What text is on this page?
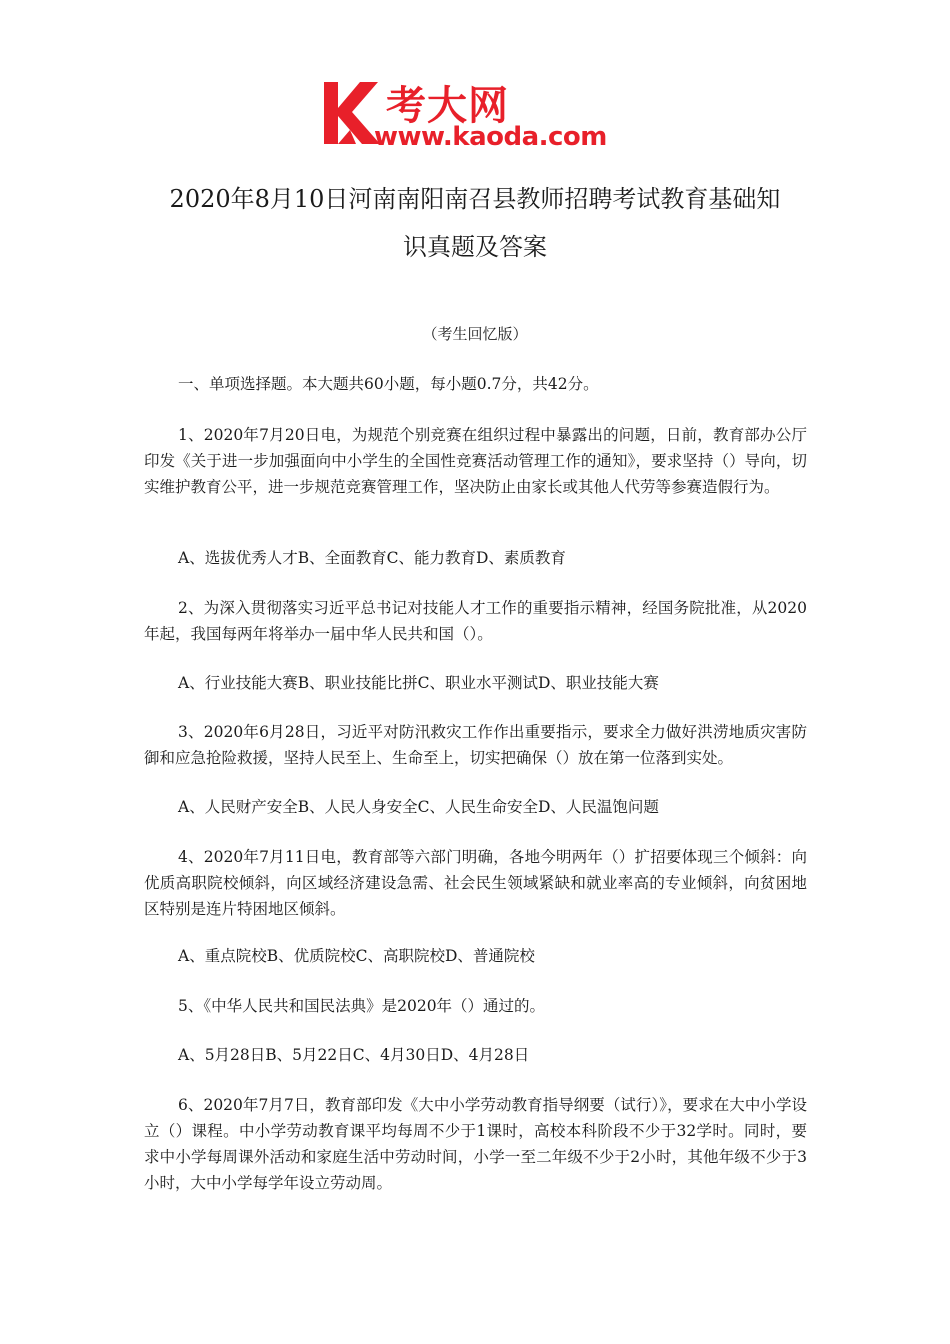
考大网
www.kaoda.com
2020年8月10日河南南阳南召县教师招聘考试教育基础知
识真题及答案
（考生回忆版）

一、单项选择题。本大题共60小题，每小题0.7分，共42分。

1、2020年7月20日电，为规范个别竞赛在组织过程中暴露出的问题，日前，教育部办公厅印发《关于进一步加强面向中小学生的全国性竞赛活动管理工作的通知》，要求坚持（）导向，切实维护教育公平，进一步规范竞赛管理工作，坚决防止由家长或其他人代劳等参赛造假行为。

A、选拔优秀人才B、全面教育C、能力教育D、素质教育

2、为深入贯彻落实习近平总书记对技能人才工作的重要指示精神，经国务院批准，从2020年起，我国每两年将举办一届中华人民共和国（）。

A、行业技能大赛B、职业技能比拼C、职业水平测试D、职业技能大赛

3、2020年6月28日，习近平对防汛救灾工作作出重要指示，要求全力做好洪涝地质灾害防御和应急抢险救援，坚持人民至上、生命至上，切实把确保（）放在第一位落到实处。

A、人民财产安全B、人民人身安全C、人民生命安全D、人民温饱问题

4、2020年7月11日电，教育部等六部门明确，各地今明两年（）扩招要体现三个倾斜：向优质高职院校倾斜，向区域经济建设急需、社会民生领域紧缺和就业率高的专业倾斜，向贫困地区特别是连片特困地区倾斜。

A、重点院校B、优质院校C、高职院校D、普通院校

5、《中华人民共和国民法典》是2020年（）通过的。

A、5月28日B、5月22日C、4月30日D、4月28日

6、2020年7月7日，教育部印发《大中小学劳动教育指导纲要（试行）》，要求在大中小学设立（）课程。中小学劳动教育课平均每周不少于1课时，高校本科阶段不少于32学时。同时，要求中小学每周课外活动和家庭生活中劳动时间，小学一至二年级不少于2小时，其他年级不少于3小时，大中小学每学年设立劳动周。
